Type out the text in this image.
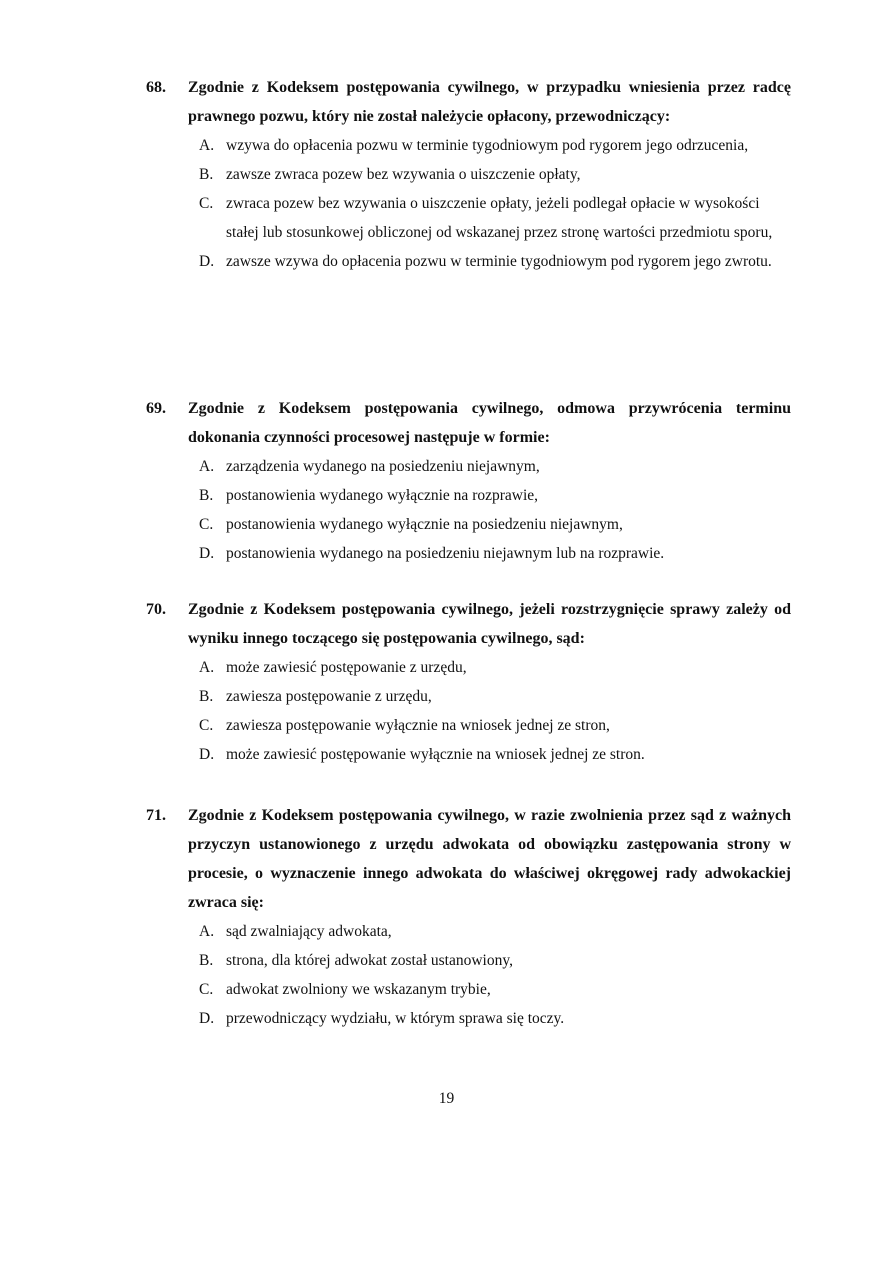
68.	Zgodnie z Kodeksem postępowania cywilnego, w przypadku wniesienia przez radcę prawnego pozwu, który nie został należycie opłacony, przewodniczący:
A. wzywa do opłacenia pozwu w terminie tygodniowym pod rygorem jego odrzucenia,
B. zawsze zwraca pozew bez wzywania o uiszczenie opłaty,
C. zwraca pozew bez wzywania o uiszczenie opłaty, jeżeli podlegał opłacie w wysokości stałej lub stosunkowej obliczonej od wskazanej przez stronę wartości przedmiotu sporu,
D. zawsze wzywa do opłacenia pozwu w terminie tygodniowym pod rygorem jego zwrotu.
69.	Zgodnie z Kodeksem postępowania cywilnego, odmowa przywrócenia terminu dokonania czynności procesowej następuje w formie:
A. zarządzenia wydanego na posiedzeniu niejawnym,
B. postanowienia wydanego wyłącznie na rozprawie,
C. postanowienia wydanego wyłącznie na posiedzeniu niejawnym,
D. postanowienia wydanego na posiedzeniu niejawnym lub na rozprawie.
70.	Zgodnie z Kodeksem postępowania cywilnego, jeżeli rozstrzygnięcie sprawy zależy od wyniku innego toczącego się postępowania cywilnego, sąd:
A. może zawiesić postępowanie z urzędu,
B. zawiesza postępowanie z urzędu,
C. zawiesza postępowanie wyłącznie na wniosek jednej ze stron,
D. może zawiesić postępowanie wyłącznie na wniosek jednej ze stron.
71.	Zgodnie z Kodeksem postępowania cywilnego, w razie zwolnienia przez sąd z ważnych przyczyn ustanowionego z urzędu adwokata od obowiązku zastępowania strony w procesie, o wyznaczenie innego adwokata do właściwej okręgowej rady adwokackiej zwraca się:
A. sąd zwalniający adwokata,
B. strona, dla której adwokat został ustanowiony,
C. adwokat zwolniony we wskazanym trybie,
D. przewodniczący wydziału, w którym sprawa się toczy.
19
